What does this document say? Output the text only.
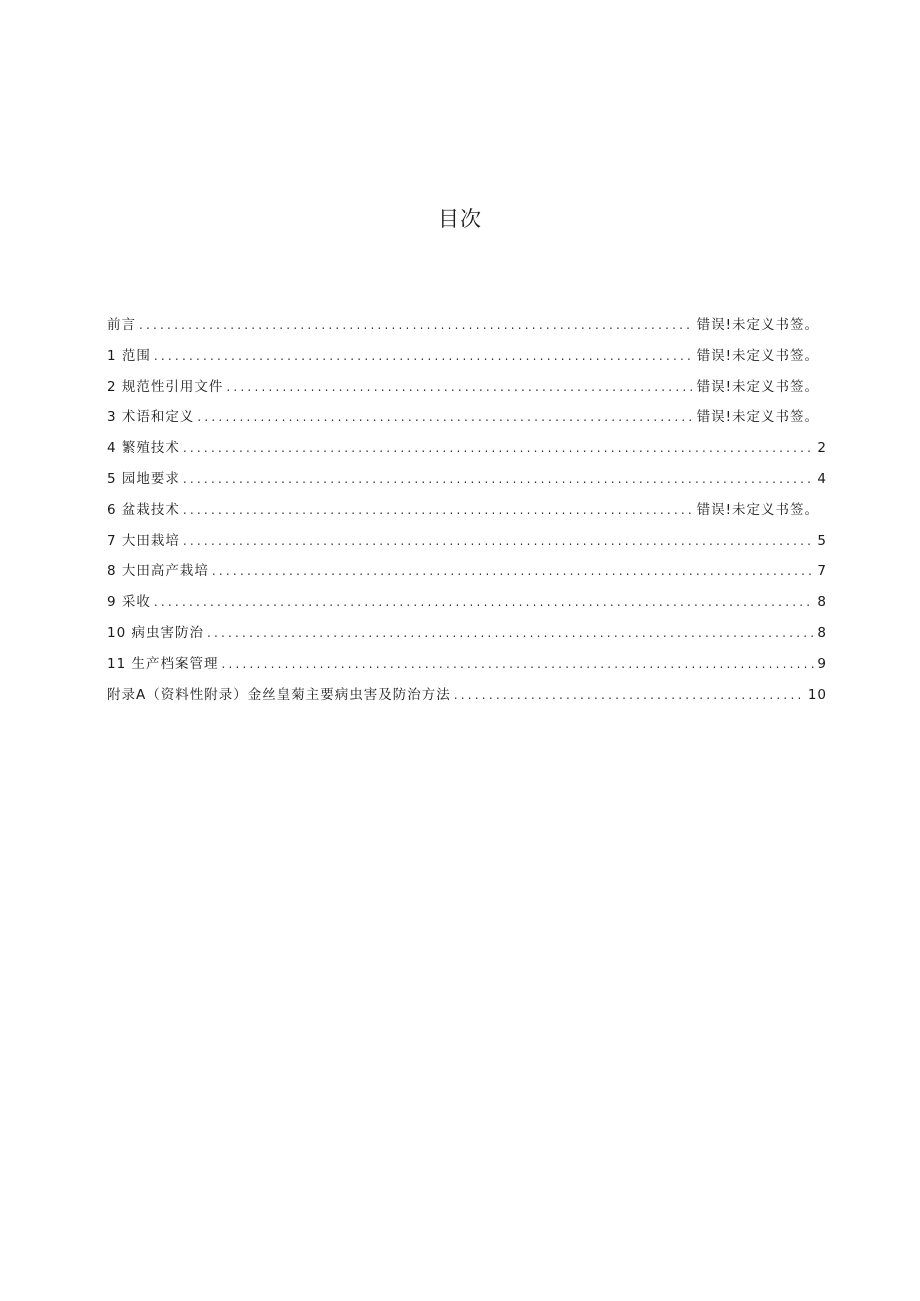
目次
前言 .....	错误!未定义书签。
1 范围 .....	错误!未定义书签。
2 规范性引用文件 .....	错误!未定义书签。
3 术语和定义 .....	错误!未定义书签。
4 繁殖技术 .....	2
5 园地要求 .....	4
6 盆栽技术 .....	错误!未定义书签。
7 大田栽培 .....	5
8 大田高产栽培 .....	7
9 采收 .....	8
10 病虫害防治 .....	8
11 生产档案管理 .....	9
附录A（资料性附录）金丝皇菊主要病虫害及防治方法 .....	10
